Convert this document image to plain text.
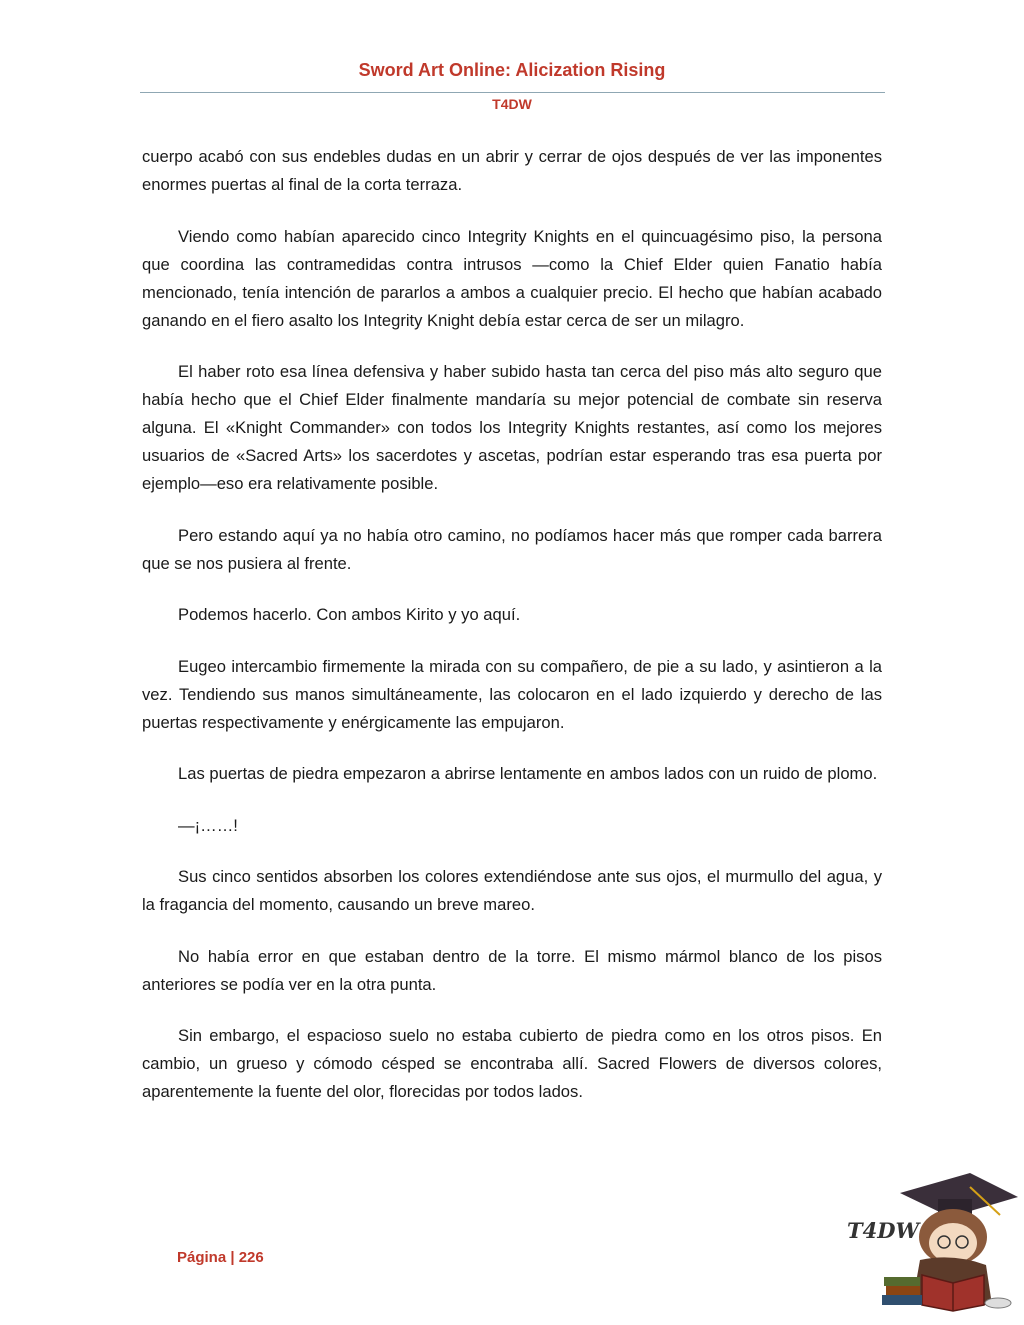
Sword Art Online: Alicization Rising
T4DW

cuerpo acabó con sus endebles dudas en un abrir y cerrar de ojos después de ver las imponentes enormes puertas al final de la corta terraza.

Viendo como habían aparecido cinco Integrity Knights en el quincuagésimo piso, la persona que coordina las contramedidas contra intrusos —como la Chief Elder quien Fanatio había mencionado, tenía intención de pararlos a ambos a cualquier precio. El hecho que habían acabado ganando en el fiero asalto los Integrity Knight debía estar cerca de ser un milagro.

El haber roto esa línea defensiva y haber subido hasta tan cerca del piso más alto seguro que había hecho que el Chief Elder finalmente mandaría su mejor potencial de combate sin reserva alguna. El «Knight Commander» con todos los Integrity Knights restantes, así como los mejores usuarios de «Sacred Arts» los sacerdotes y ascetas, podrían estar esperando tras esa puerta por ejemplo—eso era relativamente posible.

Pero estando aquí ya no había otro camino, no podíamos hacer más que romper cada barrera que se nos pusiera al frente.

Podemos hacerlo. Con ambos Kirito y yo aquí.

Eugeo intercambio firmemente la mirada con su compañero, de pie a su lado, y asintieron a la vez. Tendiendo sus manos simultáneamente, las colocaron en el lado izquierdo y derecho de las puertas respectivamente y enérgicamente las empujaron.

Las puertas de piedra empezaron a abrirse lentamente en ambos lados con un ruido de plomo.

—¡……!

Sus cinco sentidos absorben los colores extendiéndose ante sus ojos, el murmullo del agua, y la fragancia del momento, causando un breve mareo.

No había error en que estaban dentro de la torre. El mismo mármol blanco de los pisos anteriores se podía ver en la otra punta.

Sin embargo, el espacioso suelo no estaba cubierto de piedra como en los otros pisos. En cambio, un grueso y cómodo césped se encontraba allí. Sacred Flowers de diversos colores, aparentemente la fuente del olor, florecidas por todos lados.

Página | 226
T4DW
